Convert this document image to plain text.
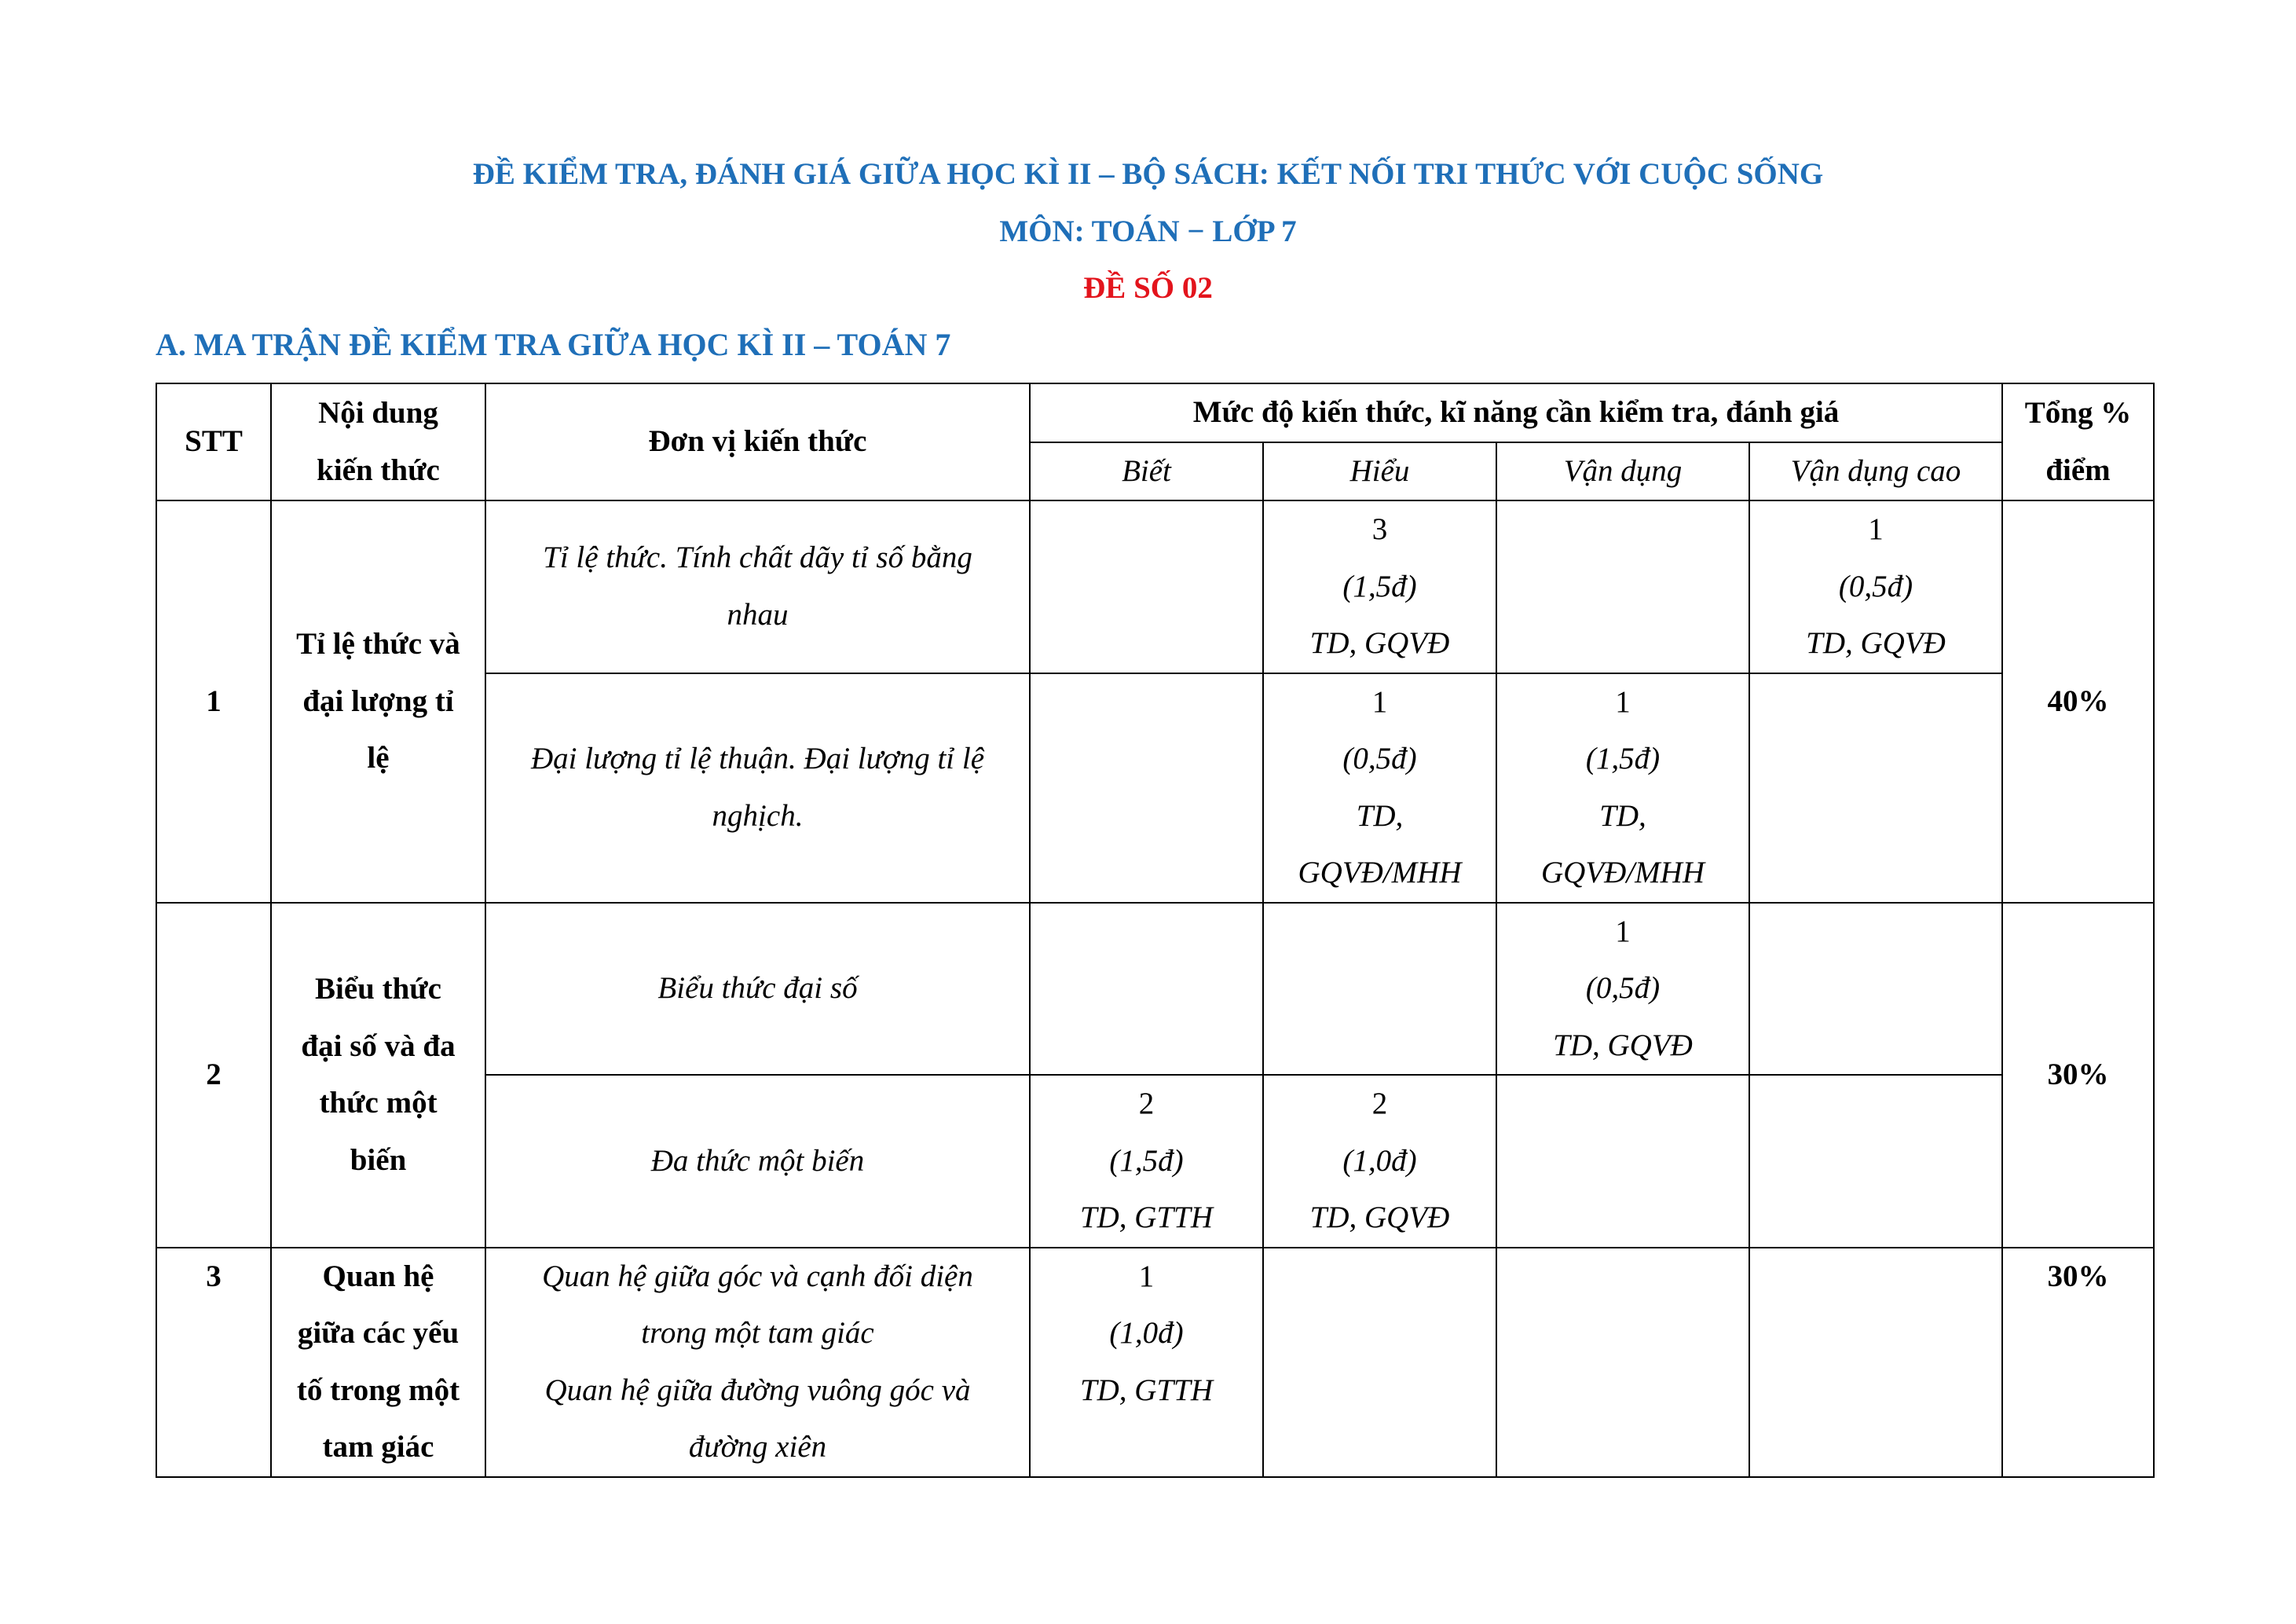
ĐỀ KIỂM TRA, ĐÁNH GIÁ GIỮA HỌC KÌ II – BỘ SÁCH: KẾT NỐI TRI THỨC VỚI CUỘC SỐNG
MÔN: TOÁN − LỚP 7
ĐỀ SỐ 02
A. MA TRẬN ĐỀ KIỂM TRA GIỮA HỌC KÌ II – TOÁN 7
STT	Nội dung
kiến thức	Đơn vị kiến thức	Mức độ kiến thức, kĩ năng cần kiểm tra, đánh giá				Tổng %
điểm

			Biết	Hiểu	Vận dụng	Vận dụng cao	
1	Tỉ lệ thức và
đại lượng tỉ
lệ	Tỉ lệ thức. Tính chất dãy tỉ số bằng
nhau		3
(1,5đ)
TD, GQVĐ		1
(0,5đ)
TD, GQVĐ	40%

		Đại lượng tỉ lệ thuận. Đại lượng tỉ lệ
nghịch.		1
(0,5đ)
TD,
GQVĐ/MHH	1
(1,5đ)
TD,
GQVĐ/MHH		

2	Biểu thức
đại số và đa
thức một
biến	Biểu thức đại số			1
(0,5đ)
TD, GQVĐ		30%

		Đa thức một biến	2
(1,5đ)
TD, GTTH	2
(1,0đ)
TD, GQVĐ			

3	Quan hệ
giữa các yếu
tố trong một
tam giác	Quan hệ giữa góc và cạnh đối diện
trong một tam giác
Quan hệ giữa đường vuông góc và
đường xiên	1
(1,0đ)
TD, GTTH				30%
